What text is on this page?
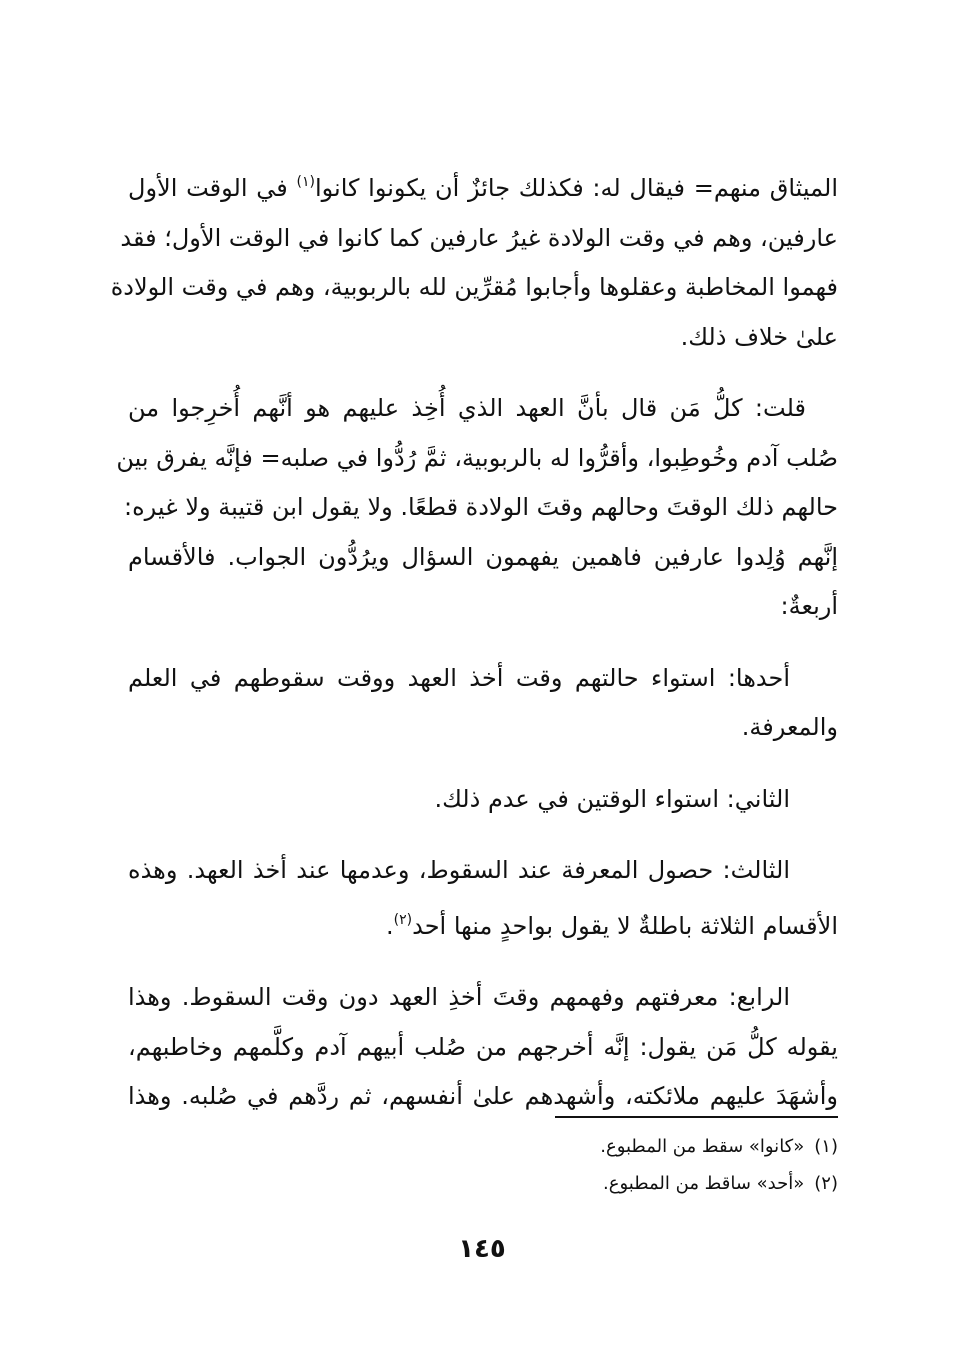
الميثاق منهم= فيقال له: فكذلك جائزٌ أن يكونوا كانوا$^{(١)}$ في الوقت الأول
عارفين، وهم في وقت الولادة غيرُ عارفين كما كانوا في الوقت الأول؛ فقد
فهموا المخاطبة وعقلوها وأجابوا مُقرِّين لله بالربوبية، وهم في وقت الولادة
علىٰ خلاف ذلك.
قلت: كلُّ مَن قال بأنَّ العهد الذي أُخِذ عليهم هو أنَّهم أُخرِجوا من
صُلب آدم وخُوطِبوا، وأقرُّوا له بالربوبية، ثمَّ رُدُّوا في صلبه= فإنَّه يفرق بين
حالهم ذلك الوقتَ وحالهم وقتَ الولادة قطعًا. ولا يقول ابن قتيبة ولا غيره:
إنَّهم وُلِدوا عارفين فاهمين يفهمون السؤال ويرُدُّون الجواب. فالأقسام
أربعةٌ:
أحدها: استواء حالتهم وقت أخذ العهد ووقت سقوطهم في العلم
والمعرفة.
الثاني: استواء الوقتين في عدم ذلك.
الثالث: حصول المعرفة عند السقوط، وعدمها عند أخذ العهد. وهذه
الأقسام الثلاثة باطلةٌ لا يقول بواحدٍ منها أحد$^{(٢)}$.
الرابع: معرفتهم وفهمهم وقتَ أخذِ العهد دون وقت السقوط. وهذا
يقوله كلُّ مَن يقول: إنَّه أخرجهم من صُلب أبيهم آدم وكلَّمهم وخاطبهم،
وأشهَدَ عليهم ملائكته، وأشهدهم علىٰ أنفسهم، ثم ردَّهم في صُلبه. وهذا
(١)«كانوا» سقط من المطبوع.
(٢)«أحد» ساقط من المطبوع.
١٤٥
